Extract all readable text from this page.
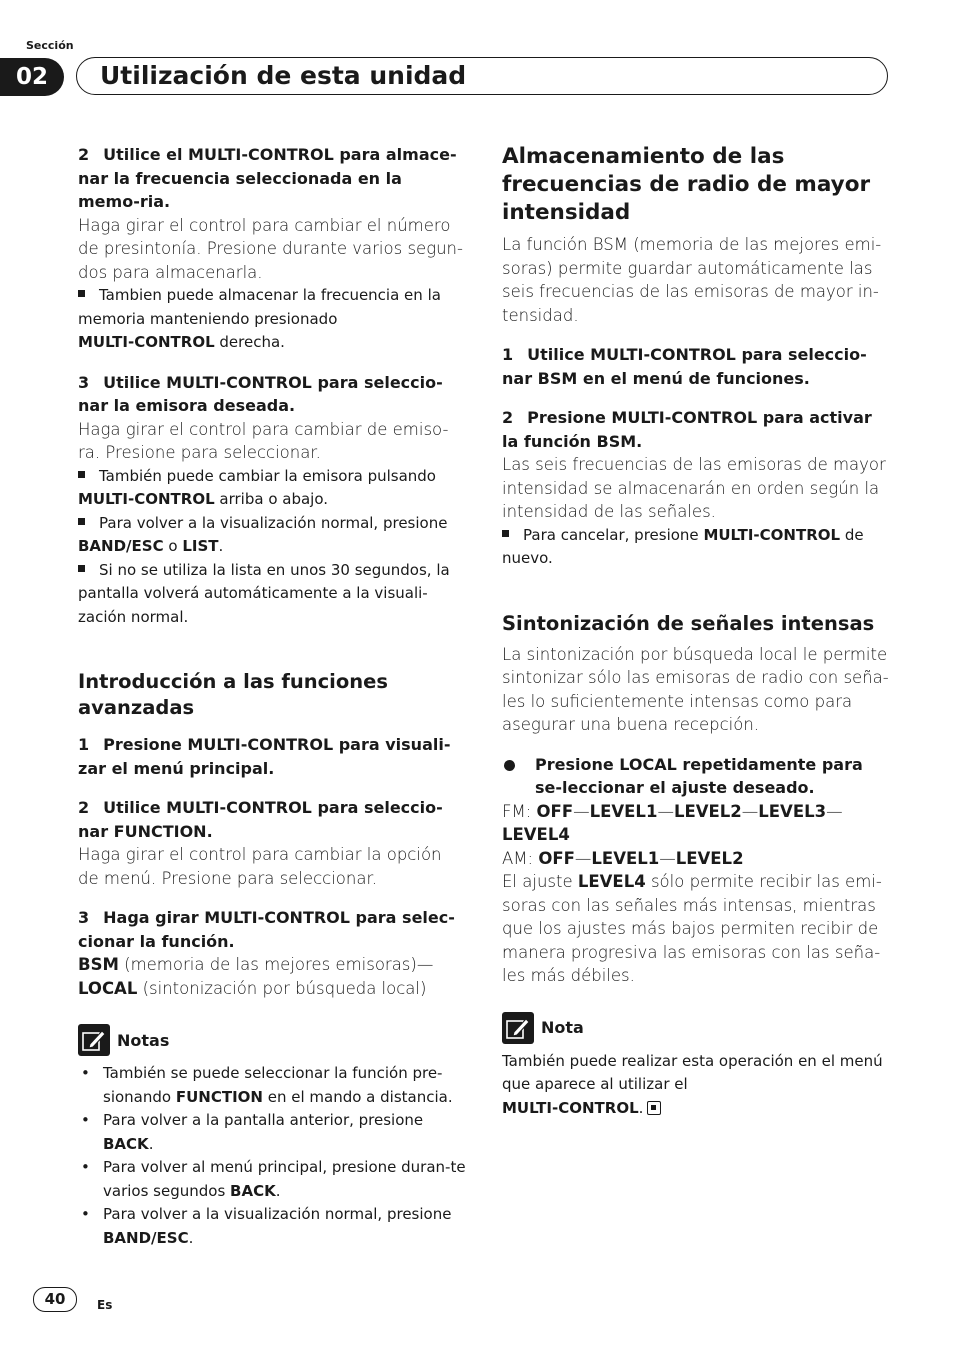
Sección
02	Utilización de esta unidad

2 Utilice el MULTI-CONTROL para almace-nar la frecuencia seleccionada en la memo-ria.

Haga girar el control para cambiar el número de presintonía. Presione durante varios segun-dos para almacenarla.

Tambien puede almacenar la frecuencia en la memoria manteniendo presionado
MULTI-CONTROL derecha.

3 Utilice MULTI-CONTROL para seleccio-nar la emisora deseada.

Haga girar el control para cambiar de emiso-ra. Presione para seleccionar.

También puede cambiar la emisora pulsando
MULTI-CONTROL arriba o abajo.

Para volver a la visualización normal, presione
BAND/ESC o LIST.

Si no se utiliza la lista en unos 30 segundos, la pantalla volverá automáticamente a la visuali-zación normal.

Introducción a las funciones avanzadas

1 Presione MULTI-CONTROL para visuali-zar el menú principal.

2 Utilice MULTI-CONTROL para seleccio-nar FUNCTION.

Haga girar el control para cambiar la opción de menú. Presione para seleccionar.

3 Haga girar MULTI-CONTROL para selec-cionar la función.

BSM (memoria de las mejores emisoras)—

LOCAL (sintonización por búsqueda local)

Notas
• También se puede seleccionar la función pre-sionando FUNCTION en el mando a distancia.
• Para volver a la pantalla anterior, presione BACK.
• Para volver al menú principal, presione duran-te varios segundos BACK.
• Para volver a la visualización normal, presione BAND/ESC.
Almacenamiento de las frecuencias de radio de mayor intensidad

La función BSM (memoria de las mejores emi-soras) permite guardar automáticamente las seis frecuencias de las emisoras de mayor in-tensidad.

1 Utilice MULTI-CONTROL para seleccio-nar BSM en el menú de funciones.

2 Presione MULTI-CONTROL para activar la función BSM.

Las seis frecuencias de las emisoras de mayor intensidad se almacenarán en orden según la intensidad de las señales.

Para cancelar, presione MULTI-CONTROL de nuevo.

Sintonización de señales intensas

La sintonización por búsqueda local le permite sintonizar sólo las emisoras de radio con seña-les lo suficientemente intensas como para asegurar una buena recepción.

Presione LOCAL repetidamente para se-leccionar el ajuste deseado.

FM: OFF—LEVEL1—LEVEL2—LEVEL3—
LEVEL4

AM: OFF—LEVEL1—LEVEL2

El ajuste LEVEL4 sólo permite recibir las emi-soras con las señales más intensas, mientras que los ajustes más bajos permiten recibir de manera progresiva las emisoras con las seña-les más débiles.

Nota

También puede realizar esta operación en el menú que aparece al utilizar el
MULTI-CONTROL.

40	Es
